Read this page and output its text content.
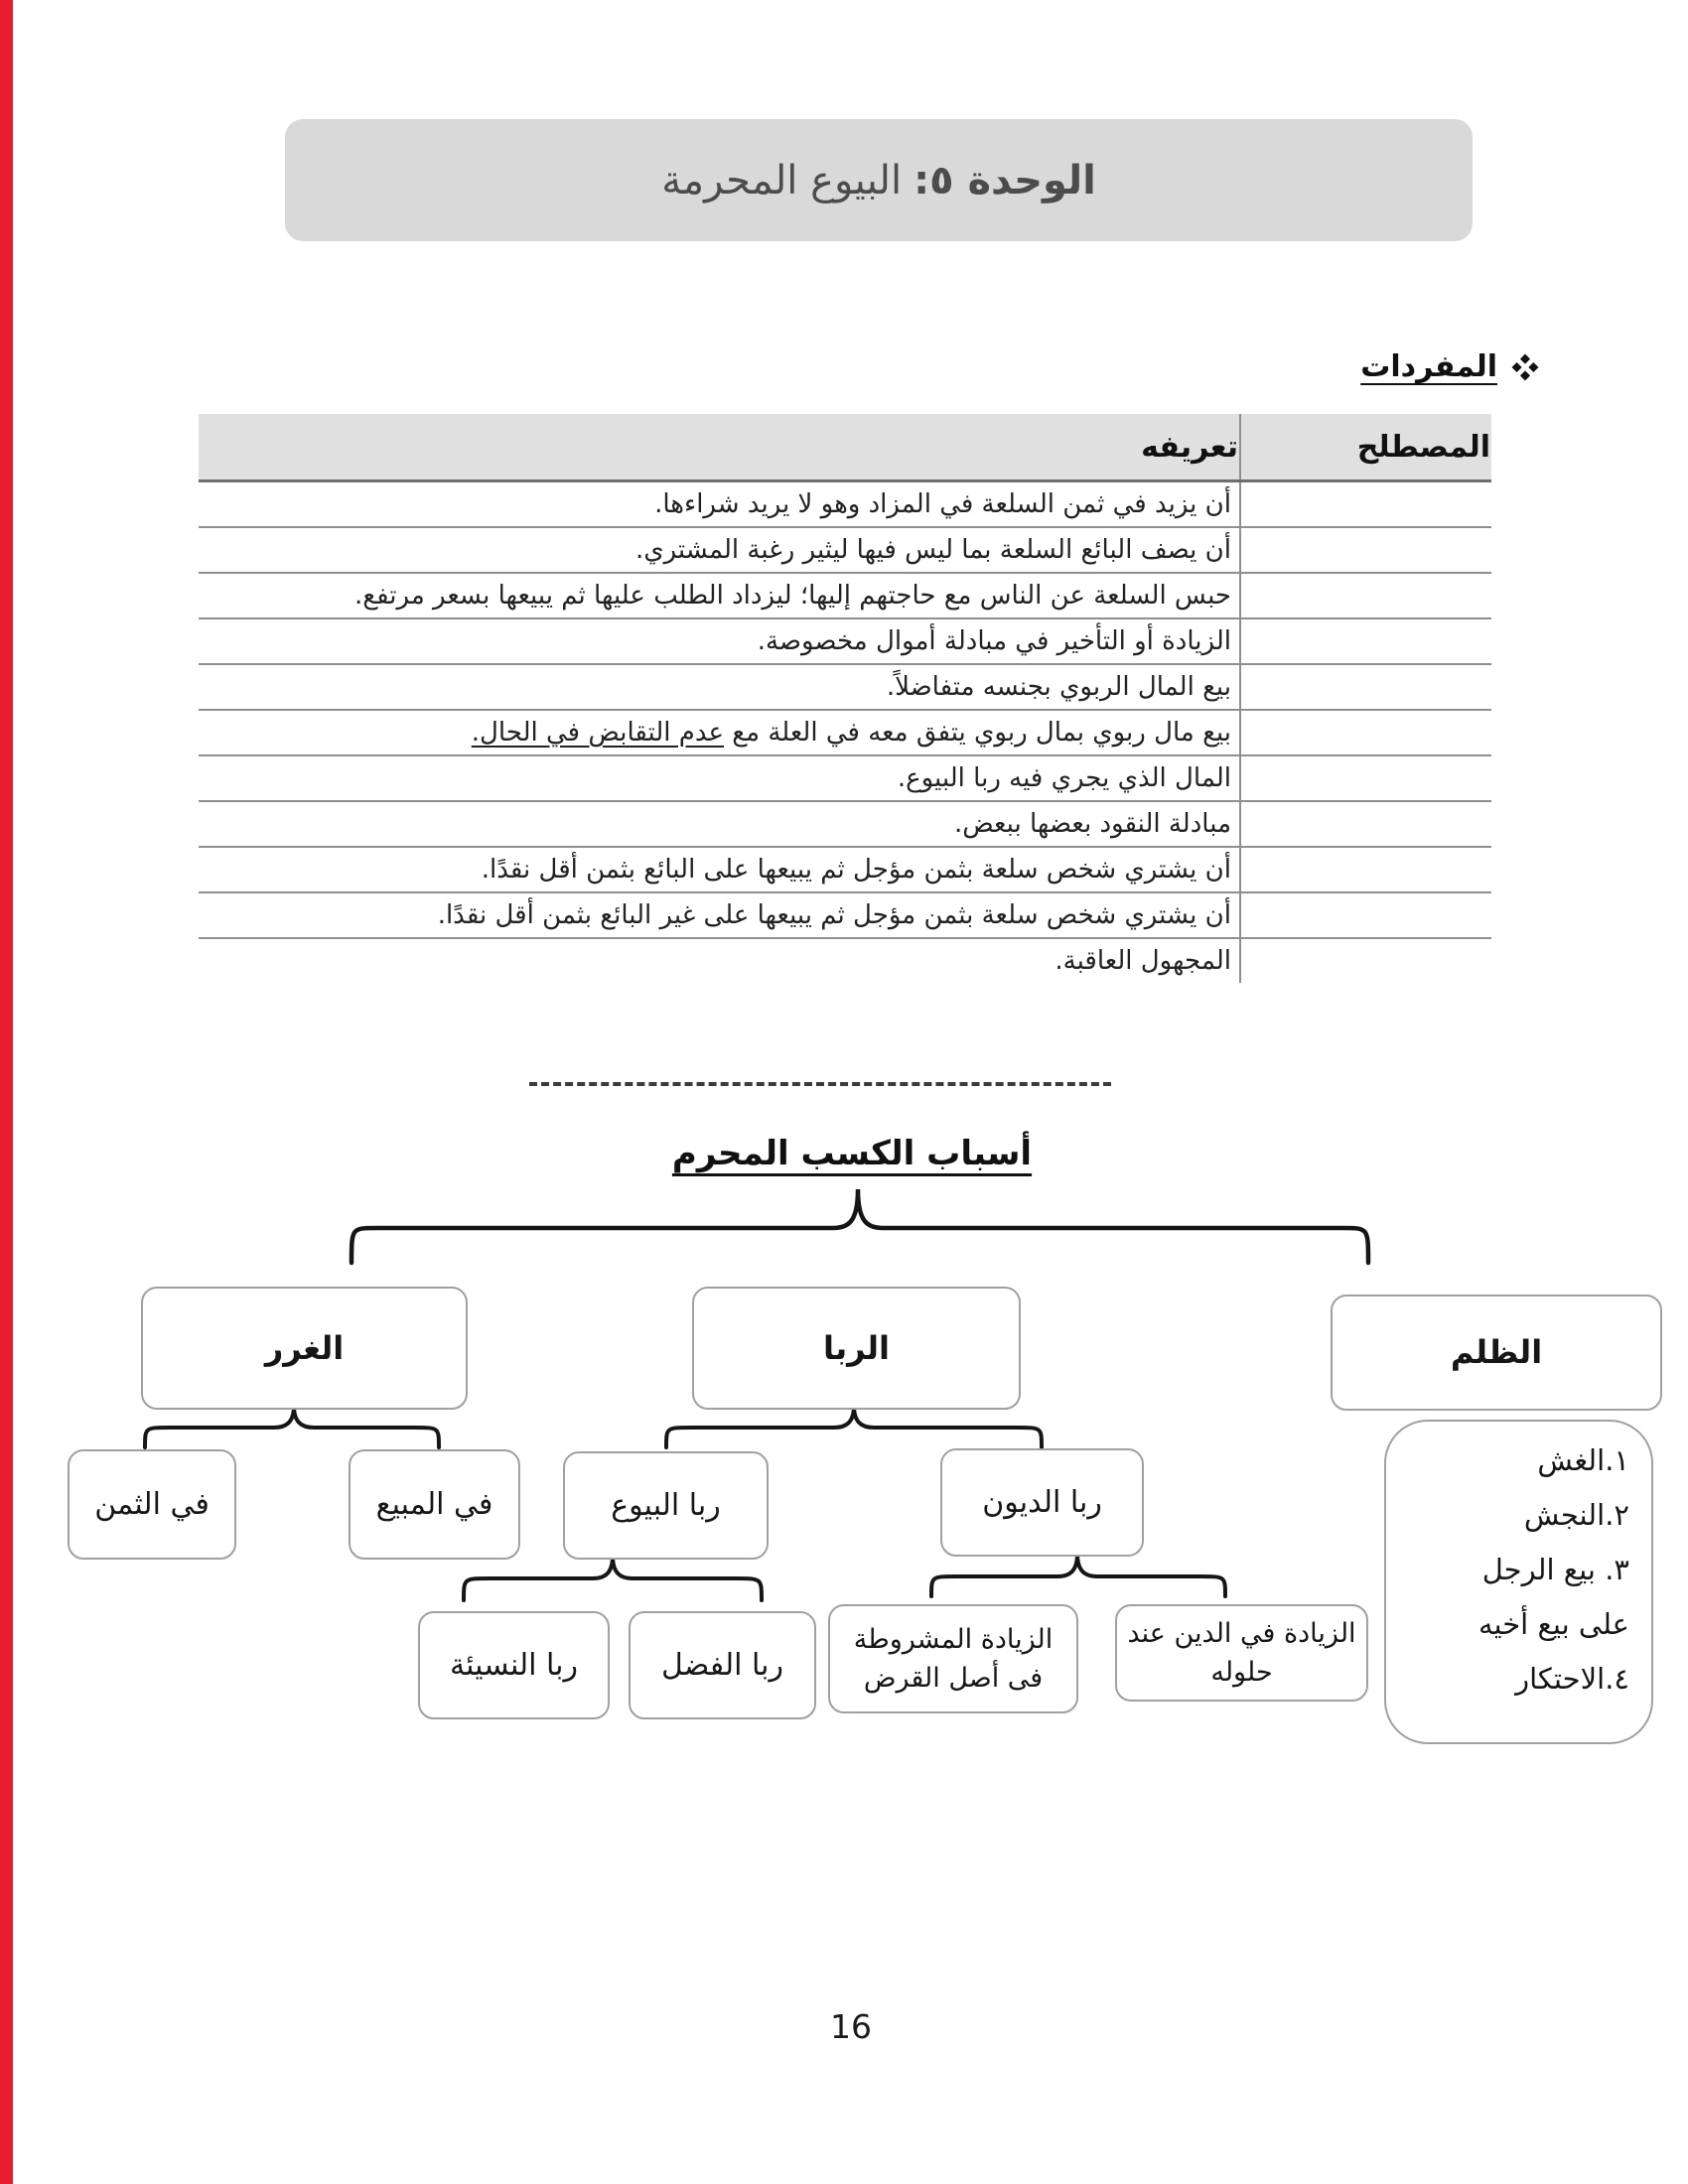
الوحدة ٥:
البيوع المحرمة
المفردات
المصطلح	تعريفه
	أن يزيد في ثمن السلعة في المزاد وهو لا يريد شراءها.
	أن يصف البائع السلعة بما ليس فيها ليثير رغبة المشتري.
	حبس السلعة عن الناس مع حاجتهم إليها؛ ليزداد الطلب عليها ثم يبيعها بسعر مرتفع.
	الزيادة أو التأخير في مبادلة أموال مخصوصة.
	بيع المال الربوي بجنسه متفاضلاً.
	بيع مال ربوي بمال ربوي يتفق معه في العلة مع عدم التقابض في الحال.
	المال الذي يجري فيه ربا البيوع.
	مبادلة النقود بعضها ببعض.
	أن يشتري شخص سلعة بثمن مؤجل ثم يبيعها على البائع بثمن أقل نقدًا.
	أن يشتري شخص سلعة بثمن مؤجل ثم يبيعها على غير البائع بثمن أقل نقدًا.
	المجهول العاقبة.
أسباب الكسب المحرم
الغرر	الربا	الظلم
في الثمن	في المبيع	ربا البيوع	ربا الديون
ربا النسيئة	ربا الفضل
الزيادة المشروطة
فى أصل القرض
الزيادة في الدين عند
حلوله
١.الغش
٢.النجش
٣. بيع الرجل
على بيع أخيه
٤.الاحتكار
16
